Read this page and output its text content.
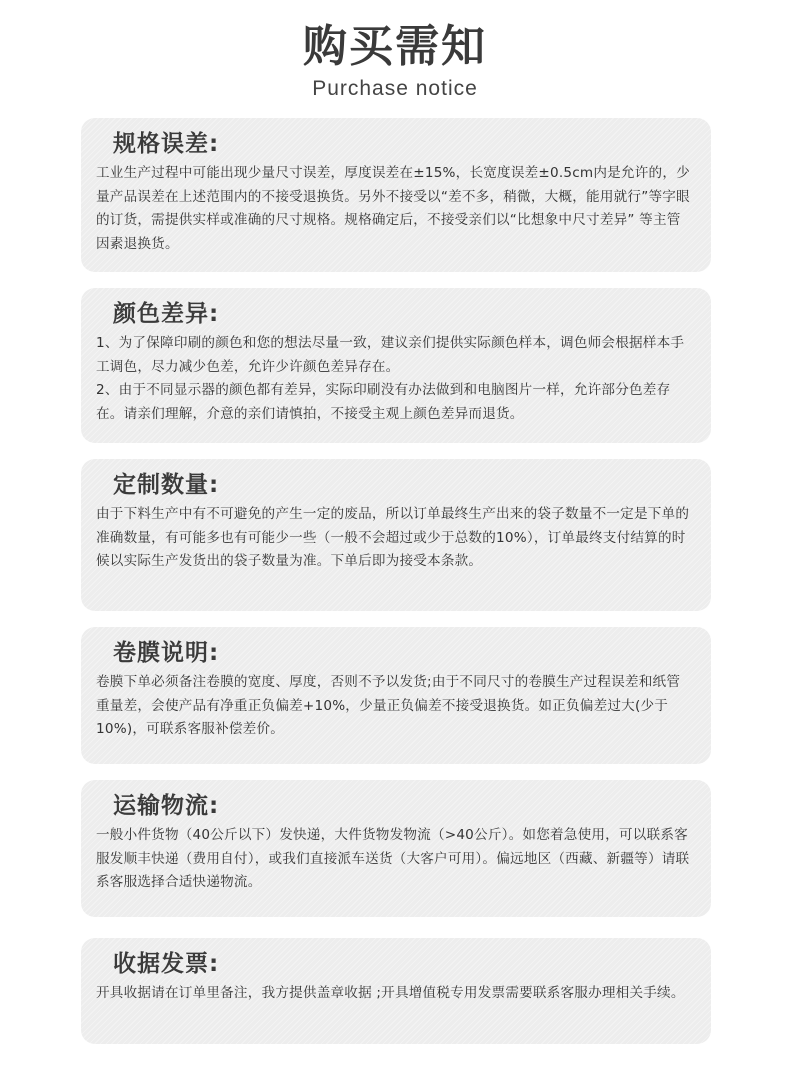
购买需知
Purchase notice
规格误差:

工业生产过程中可能出现少量尺寸误差，厚度误差在±15%，长宽度误差±0.5cm内是允许的，少量产品误差在上述范围内的不接受退换货。另外不接受以“差不多，稍微，大概，能用就行”等字眼的订货，需提供实样或准确的尺寸规格。规格确定后，不接受亲们以“比想象中尺寸差异” 等主管因素退换货。

颜色差异:

1、为了保障印刷的颜色和您的想法尽量一致，建议亲们提供实际颜色样本，调色师会根据样本手工调色，尽力减少色差，允许少许颜色差异存在。

2、由于不同显示器的颜色都有差异，实际印刷没有办法做到和电脑图片一样，允许部分色差存在。请亲们理解，介意的亲们请慎拍，不接受主观上颜色差异而退货。

定制数量:

由于下料生产中有不可避免的产生一定的废品，所以订单最终生产出来的袋子数量不一定是下单的准确数量，有可能多也有可能少一些（一般不会超过或少于总数的10%），订单最终支付结算的时候以实际生产发货出的袋子数量为准。下单后即为接受本条款。

卷膜说明:

卷膜下单必须备注卷膜的宽度、厚度，否则不予以发货;由于不同尺寸的卷膜生产过程误差和纸管重量差，会使产品有净重正负偏差+10%，少量正负偏差不接受退换货。如正负偏差过大(少于10%)，可联系客服补偿差价。

运输物流:

一般小件货物（40公斤以下）发快递，大件货物发物流（>40公斤）。如您着急使用，可以联系客服发顺丰快递（费用自付），或我们直接派车送货（大客户可用）。偏远地区（西藏、新疆等）请联系客服选择合适快递物流。

收据发票:

开具收据请在订单里备注，我方提供盖章收据 ;开具增值税专用发票需要联系客服办理相关手续。
